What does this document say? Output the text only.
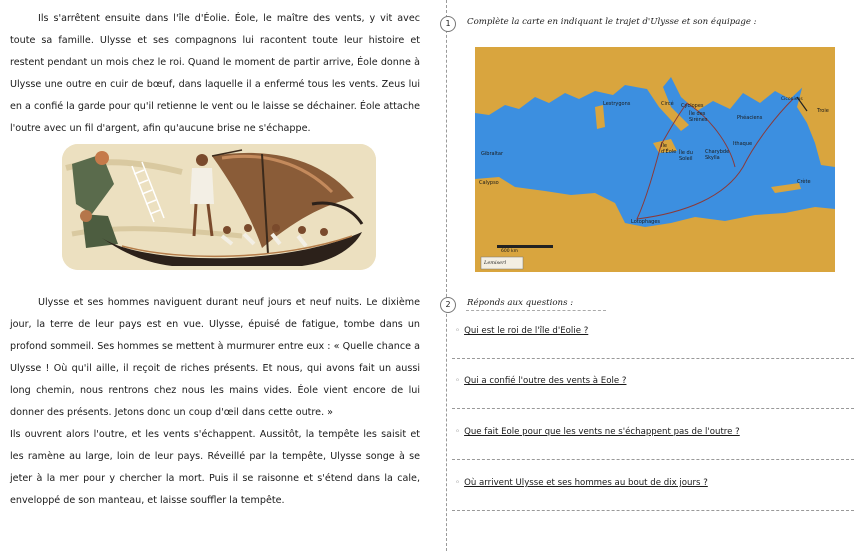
Ils s'arrêtent ensuite dans l'île d'Éolie. Éole, le maître des vents, y vit avec toute sa famille. Ulysse et ses compagnons lui racontent toute leur histoire et restent pendant un mois chez le roi. Quand le moment de partir arrive, Éole donne à Ulysse une outre en cuir de bœuf, dans laquelle il a enfermé tous les vents. Zeus lui en a confié la garde pour qu'il retienne le vent ou le laisse se déchainer. Éole attache l'outre avec un fil d'argent, afin qu'aucune brise ne s'échappe.

Ulysse et ses hommes naviguent durant neuf jours et neuf nuits. Le dixième jour, la terre de leur pays est en vue. Ulysse, épuisé de fatigue, tombe dans un profond sommeil. Ses hommes se mettent à murmurer entre eux : « Quelle chance a Ulysse ! Où qu'il aille, il reçoit de riches présents. Et nous, qui avons fait un aussi long chemin, nous rentrons chez nous les mains vides. Éole vient encore de lui donner des présents. Jetons donc un coup d'œil dans cette outre. »

Ils ouvrent alors l'outre, et les vents s'échappent. Aussitôt, la tempête les saisit et les ramène au large, loin de leur pays. Réveillé par la tempête, Ulysse songe à se jeter à la mer pour y chercher la mort. Puis il se raisonne et s'étend dans la cale, enveloppé de son manteau, et laisse souffler la tempête.

1	Complète la carte en indiquant le trajet d'Ulysse et son équipage :
Lestrygons	Circé Cyclopes
Île des Sirènes	Phéaciens
Ciconiens
Troie
Gibraltar
Île d'Éole Île du Soleil
Charybde Skylla
Ithaque
Calypso	Crète
Lotophages
600 km
Lemiserl
2	Réponds aux questions :
◦ Qui est le roi de l'île d'Eolie ?
◦ Qui a confié l'outre des vents à Eole ?
◦ Que fait Eole pour que les vents ne s'échappent pas de l'outre ?
◦ Où arrivent Ulysse et ses hommes au bout de dix jours ?
